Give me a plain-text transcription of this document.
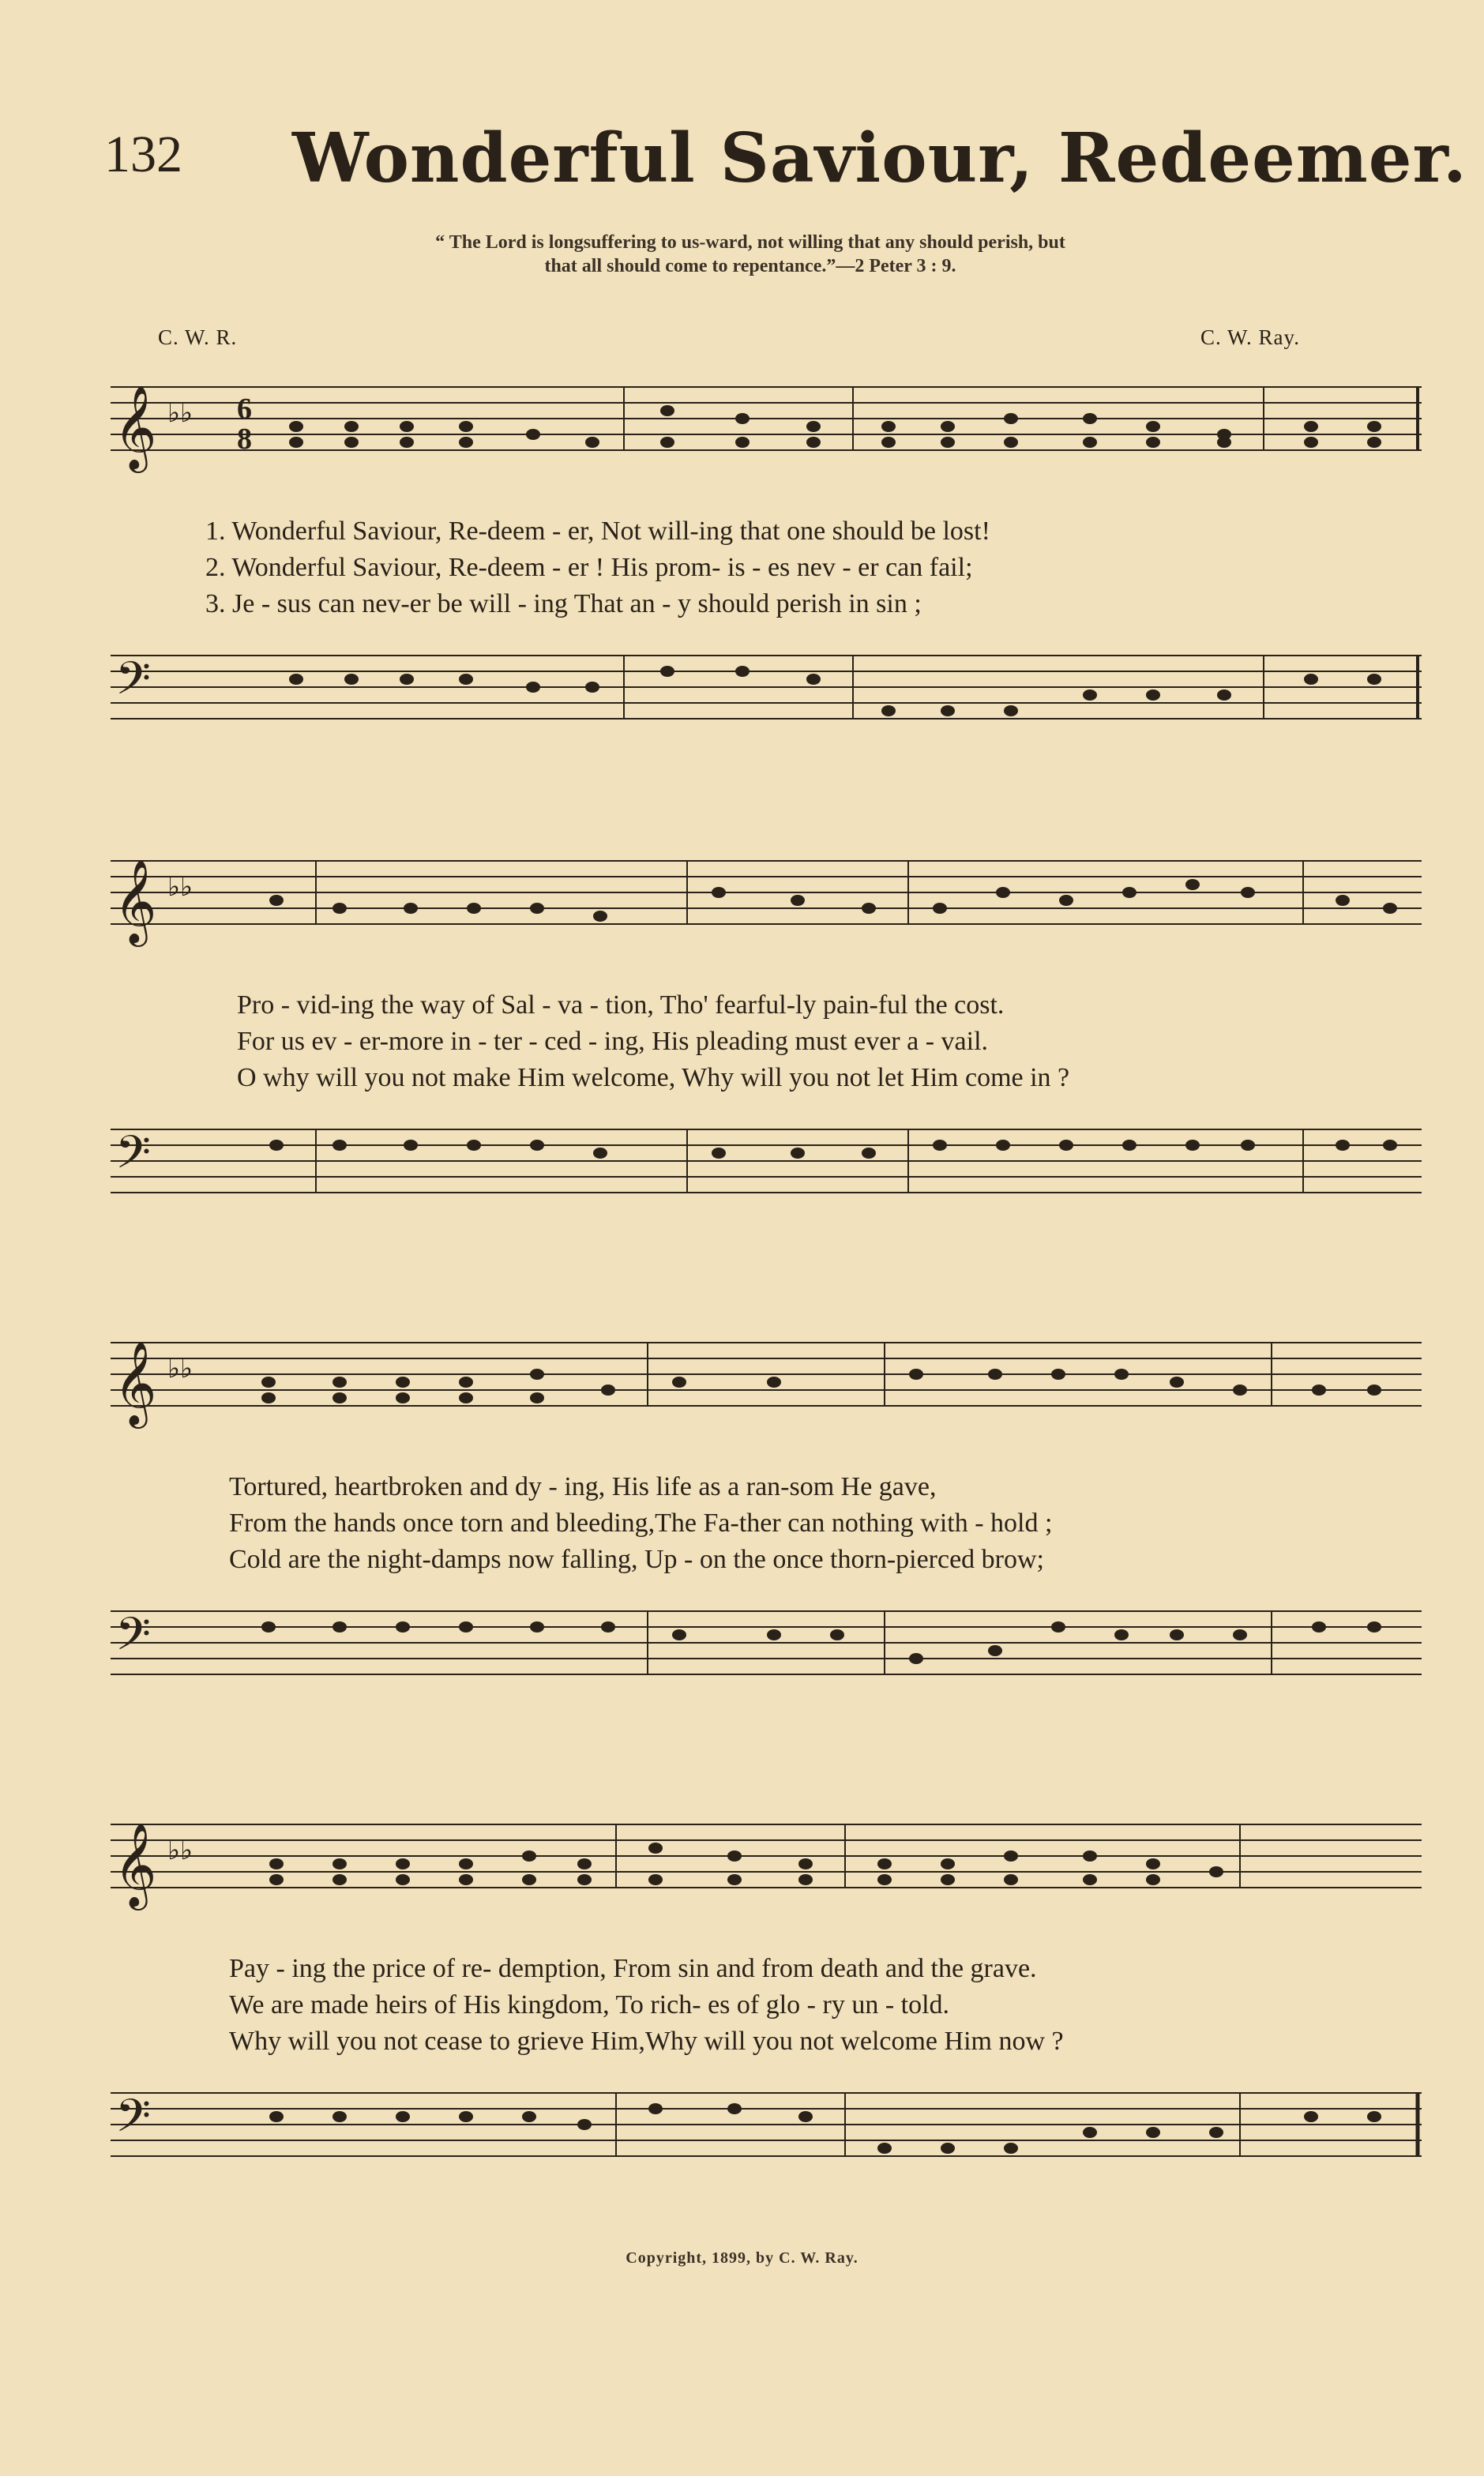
132 Wonderful Saviour, Redeemer.
“ The Lord is longsuffering to us-ward, not willing that any should perish, but
that all should come to repentance.”—2 Peter 3 : 9.
C. W. R.	C. W. Ray.
𝄞 ♭♭ 6
8
1. Wonderful Saviour, Re-deem - er, Not will-ing that one should be lost!
2. Wonderful Saviour, Re-deem - er ! His prom- is - es nev - er can fail;
3. Je - sus can nev-er be will - ing That an - y should perish in sin ;
𝄢
𝄞 ♭♭
Pro - vid-ing the way of Sal - va - tion, Tho' fearful-ly pain-ful the cost.
For us ev - er-more in - ter - ced - ing, His pleading must ever a - vail.
O why will you not make Him welcome, Why will you not let Him come in ?
𝄢
𝄞 ♭♭
Tortured, heartbroken and dy - ing, His life as a ran-som He gave,
From the hands once torn and bleeding,The Fa-ther can nothing with - hold ;
Cold are the night-damps now falling, Up - on the once thorn-pierced brow;
𝄢
𝄞 ♭♭
Pay - ing the price of re- demption, From sin and from death and the grave.
We are made heirs of His kingdom, To rich- es of glo - ry un - told.
Why will you not cease to grieve Him,Why will you not welcome Him now ?
𝄢
Copyright, 1899, by C. W. Ray.
